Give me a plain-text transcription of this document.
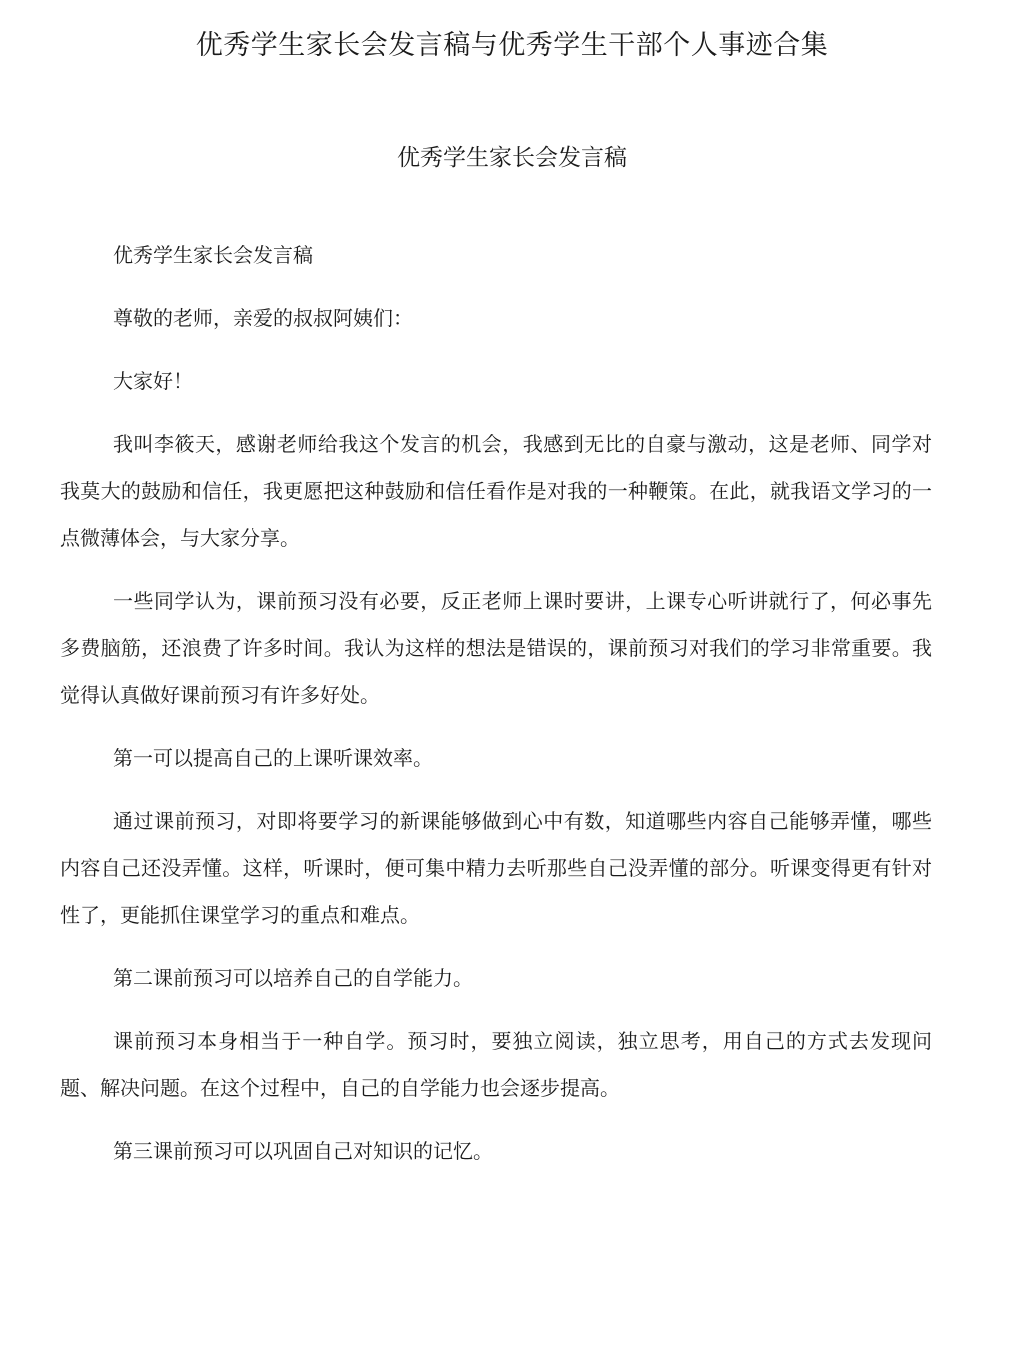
优秀学生家长会发言稿与优秀学生干部个人事迹合集
优秀学生家长会发言稿

优秀学生家长会发言稿

尊敬的老师，亲爱的叔叔阿姨们：

大家好！

我叫李筱天，感谢老师给我这个发言的机会，我感到无比的自豪与激动，这是老师、同学对我莫大的鼓励和信任，我更愿把这种鼓励和信任看作是对我的一种鞭策。在此，就我语文学习的一点微薄体会，与大家分享。

一些同学认为，课前预习没有必要，反正老师上课时要讲，上课专心听讲就行了，何必事先多费脑筋，还浪费了许多时间。我认为这样的想法是错误的，课前预习对我们的学习非常重要。我觉得认真做好课前预习有许多好处。

第一可以提高自己的上课听课效率。

通过课前预习，对即将要学习的新课能够做到心中有数，知道哪些内容自己能够弄懂，哪些内容自己还没弄懂。这样，听课时，便可集中精力去听那些自己没弄懂的部分。听课变得更有针对性了，更能抓住课堂学习的重点和难点。

第二课前预习可以培养自己的自学能力。

课前预习本身相当于一种自学。预习时，要独立阅读，独立思考，用自己的方式去发现问题、解决问题。在这个过程中，自己的自学能力也会逐步提高。

第三课前预习可以巩固自己对知识的记忆。
